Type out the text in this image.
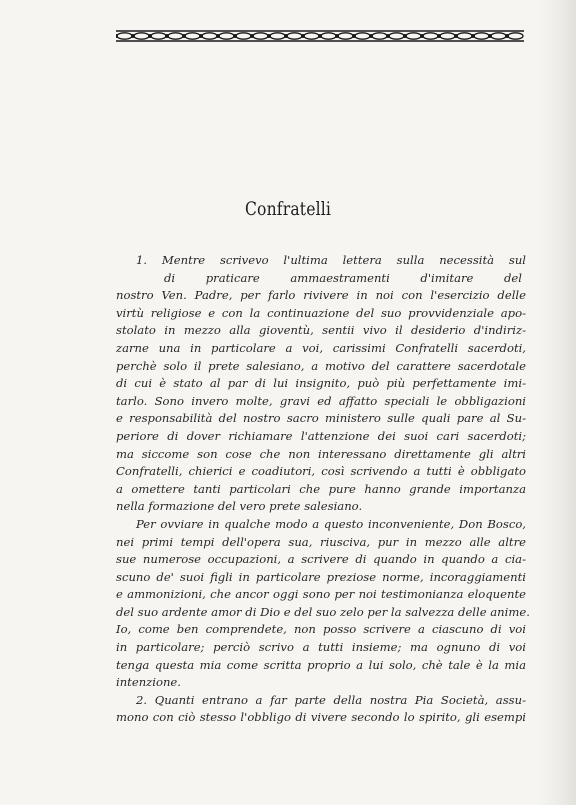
Confratelli
1. Mentre scrivevo l'ultima lettera sulla necessità sul
di praticare ammaestramenti d'imitare del
nostro Ven. Padre, per farlo rivivere in noi con l'esercizio delle
virtù religiose e con la continuazione del suo provvidenziale apo-
stolato in mezzo alla gioventù, sentii vivo il desiderio d'indiriz-
zarne una in particolare a voi, carissimi Confratelli sacerdoti,
perchè solo il prete salesiano, a motivo del carattere sacerdotale
di cui è stato al par di lui insignito, può più perfettamente imi-
tarlo. Sono invero molte, gravi ed affatto speciali le obbligazioni
e responsabilità del nostro sacro ministero sulle quali pare al Su-
periore di dover richiamare l'attenzione dei suoi cari sacerdoti;
ma siccome son cose che non interessano direttamente gli altri
Confratelli, chierici e coadiutori, così scrivendo a tutti è obbligato
a omettere tanti particolari che pure hanno grande importanza
nella formazione del vero prete salesiano.
Per ovviare in qualche modo a questo inconveniente, Don Bosco,
nei primi tempi dell'opera sua, riusciva, pur in mezzo alle altre
sue numerose occupazioni, a scrivere di quando in quando a cia-
scuno de' suoi figli in particolare preziose norme, incoraggiamenti
e ammonizioni, che ancor oggi sono per noi testimonianza eloquente
del suo ardente amor di Dio e del suo zelo per la salvezza delle anime.
Io, come ben comprendete, non posso scrivere a ciascuno di voi
in particolare; perciò scrivo a tutti insieme; ma ognuno di voi
tenga questa mia come scritta proprio a lui solo, chè tale è la mia
intenzione.
2. Quanti entrano a far parte della nostra Pia Società, assu-
mono con ciò stesso l'obbligo di vivere secondo lo spirito, gli esempi
